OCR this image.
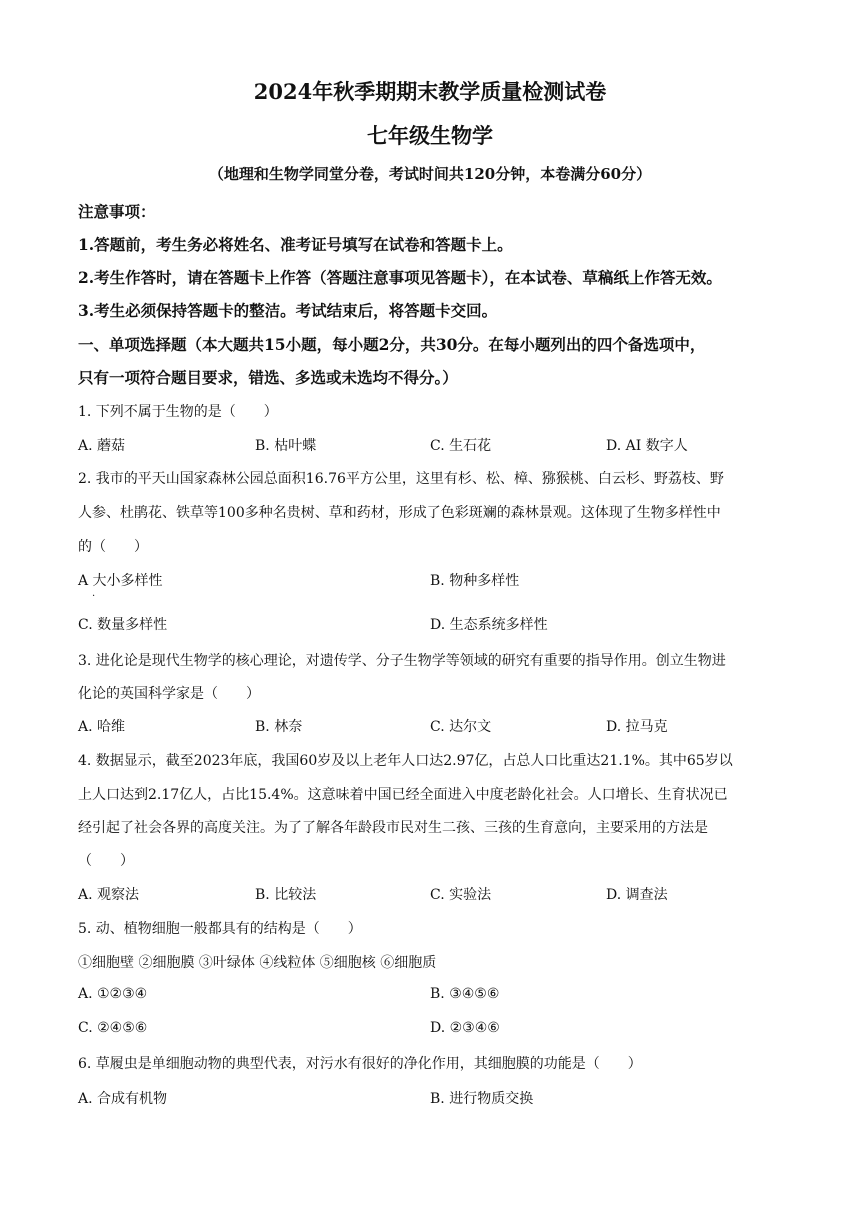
2024年秋季期期末教学质量检测试卷
七年级生物学
（地理和生物学同堂分卷，考试时间共120分钟，本卷满分60分）
注意事项：
1.答题前，考生务必将姓名、准考证号填写在试卷和答题卡上。
2.考生作答时，请在答题卡上作答（答题注意事项见答题卡），在本试卷、草稿纸上作答无效。
3.考生必须保持答题卡的整洁。考试结束后，将答题卡交回。
一、单项选择题（本大题共15小题，每小题2分，共30分。在每小题列出的四个备选项中，
只有一项符合题目要求，错选、多选或未选均不得分。）
1. 下列不属于生物的是（　　）
A. 蘑菇	B. 枯叶蝶	C. 生石花	D. AI 数字人
2. 我市的平天山国家森林公园总面积16.76平方公里，这里有杉、松、樟、猕猴桃、白云杉、野荔枝、野
人参、杜鹃花、铁草等100多种名贵树、草和药材，形成了色彩斑斓的森林景观。这体现了生物多样性中
的（　　）
A 大小多样性
.
B. 物种多样性
C. 数量多样性	D. 生态系统多样性
3. 进化论是现代生物学的核心理论，对遗传学、分子生物学等领域的研究有重要的指导作用。创立生物进
化论的英国科学家是（　　）
A. 哈维	B. 林奈	C. 达尔文	D. 拉马克
4. 数据显示，截至2023年底，我国60岁及以上老年人口达2.97亿，占总人口比重达21.1%。其中65岁以
上人口达到2.17亿人，占比15.4%。这意味着中国已经全面进入中度老龄化社会。人口增长、生育状况已
经引起了社会各界的高度关注。为了了解各年龄段市民对生二孩、三孩的生育意向，主要采用的方法是
（　　）
A. 观察法	B. 比较法	C. 实验法	D. 调查法
5. 动、植物细胞一般都具有的结构是（　　）
①细胞壁 ②细胞膜 ③叶绿体 ④线粒体 ⑤细胞核 ⑥细胞质
A. ①②③④	B. ③④⑤⑥
C. ②④⑤⑥	D. ②③④⑥
6. 草履虫是单细胞动物的典型代表，对污水有很好的净化作用，其细胞膜的功能是（　　）
A. 合成有机物	B. 进行物质交换
